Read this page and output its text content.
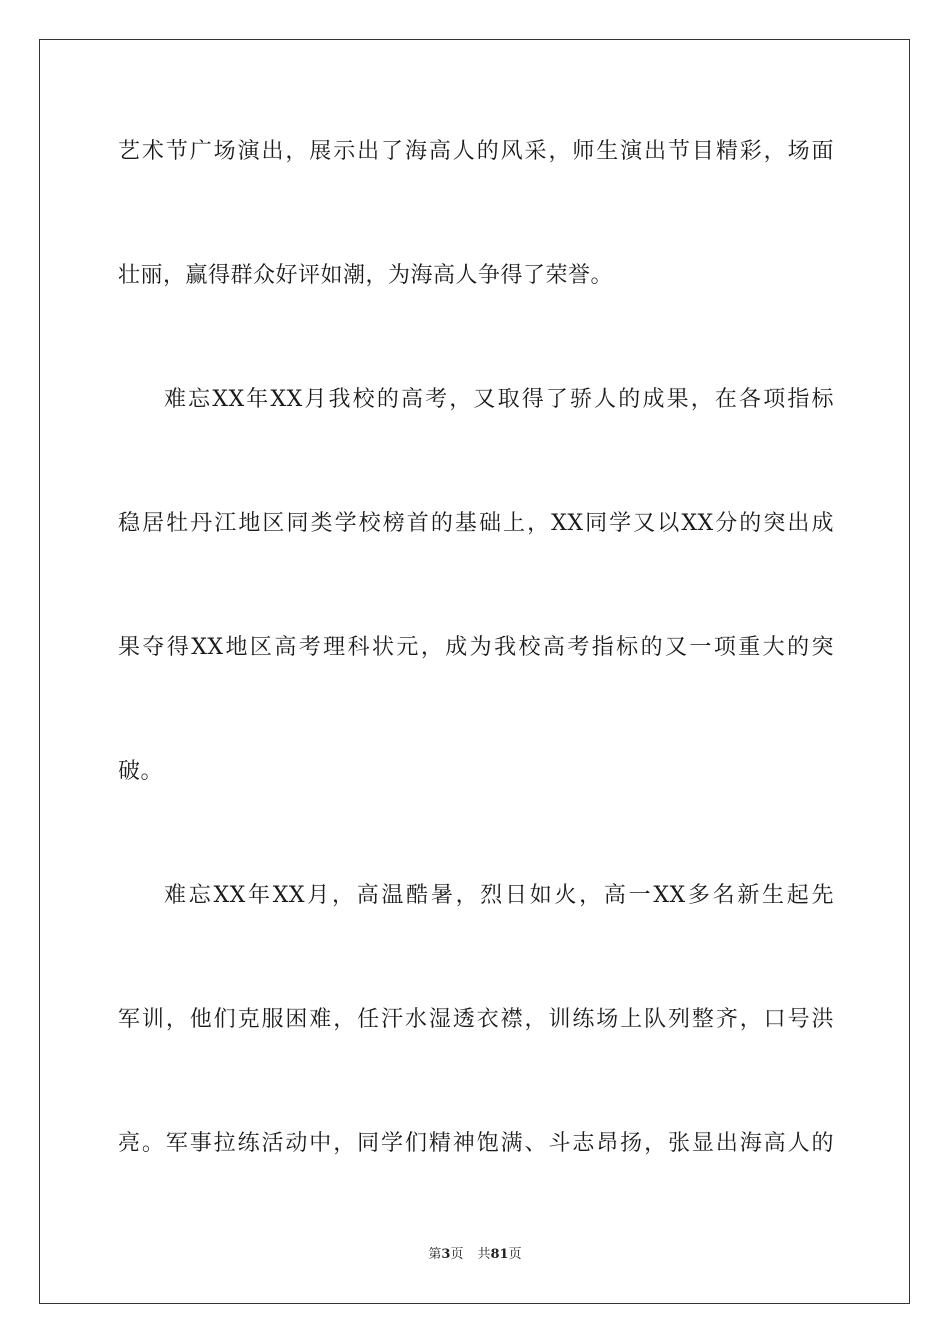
艺术节广场演出，展示出了海高人的风采，师生演出节目精彩，场面
壮丽，赢得群众好评如潮，为海高人争得了荣誉。
难忘XX年XX月我校的高考，又取得了骄人的成果，在各项指标
稳居牡丹江地区同类学校榜首的基础上，XX同学又以XX分的突出成
果夺得XX地区高考理科状元，成为我校高考指标的又一项重大的突
破。
难忘XX年XX月，高温酷暑，烈日如火，高一XX多名新生起先
军训，他们克服困难，任汗水湿透衣襟，训练场上队列整齐，口号洪
亮。军事拉练活动中，同学们精神饱满、斗志昂扬，张显出海高人的
第3页 共81页
